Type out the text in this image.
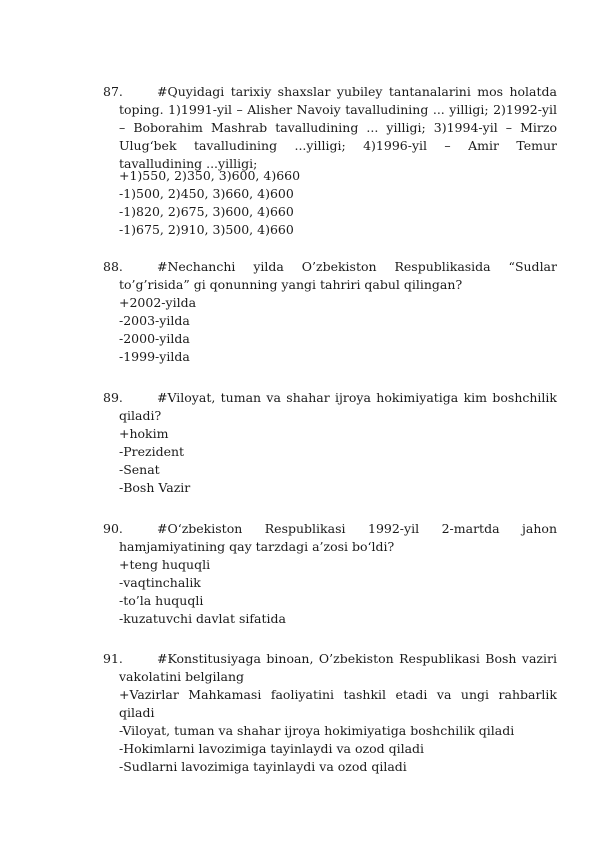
87.	#Quyidagi tarixiy shaxslar yubiley tantanalarini mos holatda toping. 1)1991-yil – Alisher Navoiy tavalludining ... yilligi; 2)1992-yil – Boborahim Mashrab tavalludining ... yilligi; 3)1994-yil – Mirzo Ulug‘bek tavalludining ...yilligi; 4)1996-yil – Amir Temur tavalludining ...yilligi;
+1)550, 2)350, 3)600, 4)660
-1)500, 2)450, 3)660, 4)600
-1)820, 2)675, 3)600, 4)660
-1)675, 2)910, 3)500, 4)660
88.	#Nechanchi yilda O’zbekiston Respublikasida “Sudlar to’g’risida” gi qonunning yangi tahriri qabul qilingan?
+2002-yilda
-2003-yilda
-2000-yilda
-1999-yilda
89.	#Viloyat, tuman va shahar ijroya hokimiyatiga kim boshchilik qiladi?
+hokim
-Prezident
-Senat
-Bosh Vazir
90.	#O‘zbekiston Respublikasi 1992-yil 2-martda jahon hamjamiyatining qay tarzdagi a’zosi bo‘ldi?
+teng huquqli
-vaqtinchalik
-to’la huquqli
-kuzatuvchi davlat sifatida
91.	#Konstitusiyaga binoan, O’zbekiston Respublikasi Bosh vaziri vakolatini belgilang
+Vazirlar Mahkamasi faoliyatini tashkil etadi va ungi rahbarlik qiladi
-Viloyat, tuman va shahar ijroya hokimiyatiga boshchilik qiladi
-Hokimlarni lavozimiga tayinlaydi va ozod qiladi
-Sudlarni lavozimiga tayinlaydi va ozod qiladi
